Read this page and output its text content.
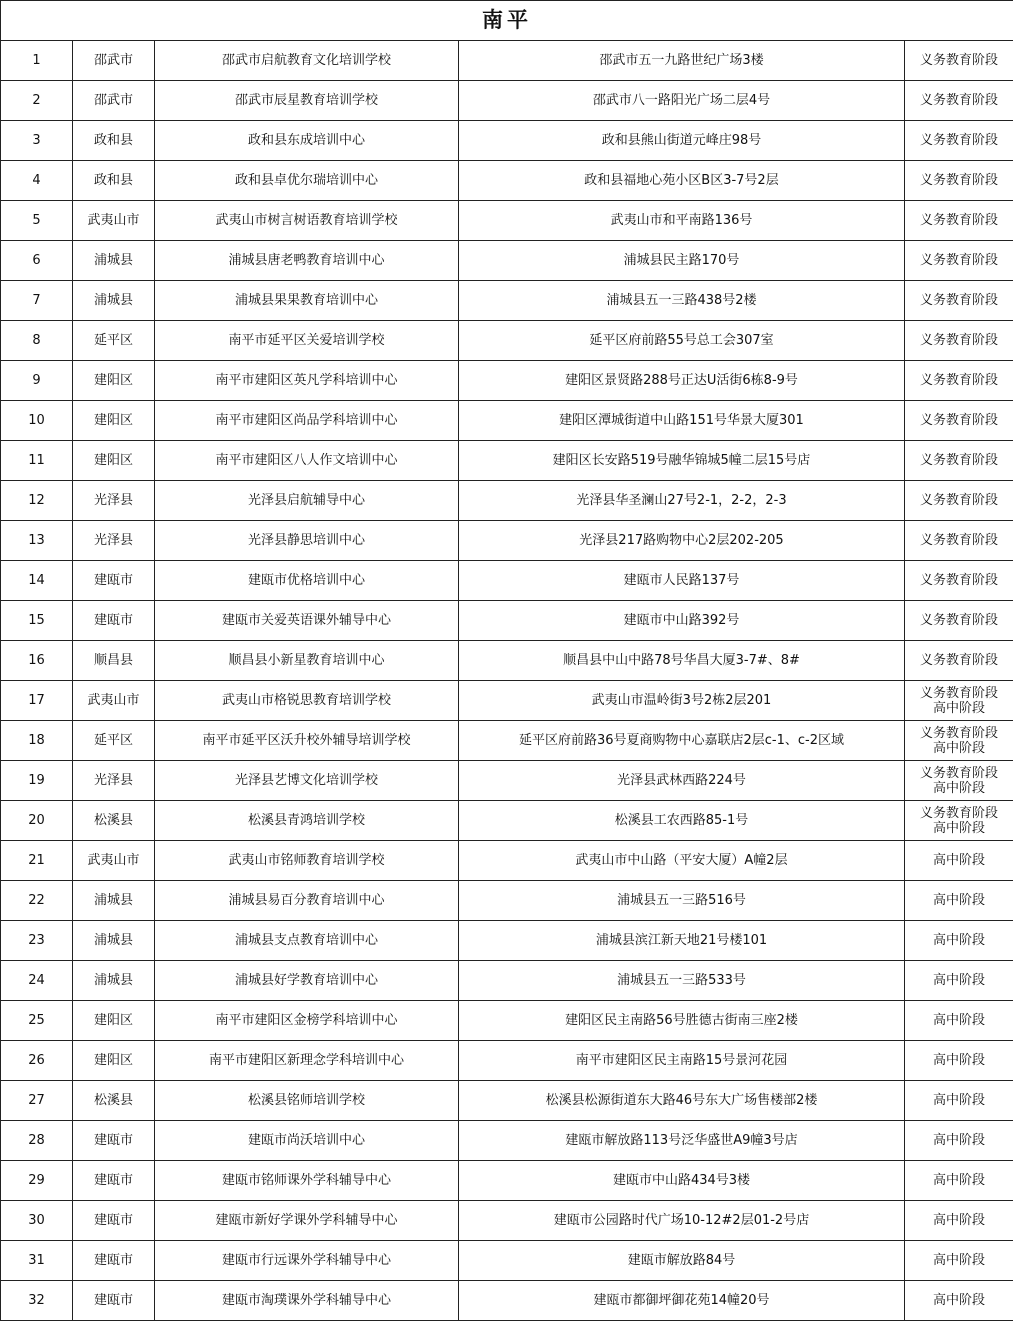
南平				
1	邵武市	邵武市启航教育文化培训学校	邵武市五一九路世纪广场3楼	义务教育阶段

2	邵武市	邵武市辰星教育培训学校	邵武市八一路阳光广场二层4号	义务教育阶段

3	政和县	政和县东成培训中心	政和县熊山街道元峰庄98号	义务教育阶段

4	政和县	政和县卓优尔瑞培训中心	政和县福地心苑小区B区3-7号2层	义务教育阶段

5	武夷山市	武夷山市树言树语教育培训学校	武夷山市和平南路136号	义务教育阶段

6	浦城县	浦城县唐老鸭教育培训中心	浦城县民主路170号	义务教育阶段

7	浦城县	浦城县果果教育培训中心	浦城县五一三路438号2楼	义务教育阶段

8	延平区	南平市延平区关爱培训学校	延平区府前路55号总工会307室	义务教育阶段

9	建阳区	南平市建阳区英凡学科培训中心	建阳区景贤路288号正达U活街6栋8-9号	义务教育阶段

10	建阳区	南平市建阳区尚品学科培训中心	建阳区潭城街道中山路151号华景大厦301	义务教育阶段

11	建阳区	南平市建阳区八人作文培训中心	建阳区长安路519号融华锦城5幢二层15号店	义务教育阶段

12	光泽县	光泽县启航辅导中心	光泽县华圣澜山27号2-1，2-2，2-3	义务教育阶段

13	光泽县	光泽县静思培训中心	光泽县217路购物中心2层202-205	义务教育阶段

14	建瓯市	建瓯市优格培训中心	建瓯市人民路137号	义务教育阶段

15	建瓯市	建瓯市关爱英语课外辅导中心	建瓯市中山路392号	义务教育阶段

16	顺昌县	顺昌县小新星教育培训中心	顺昌县中山中路78号华昌大厦3-7#、8#	义务教育阶段

17	武夷山市	武夷山市格锐思教育培训学校	武夷山市温岭街3号2栋2层201	义务教育阶段
高中阶段

18	延平区	南平市延平区沃升校外辅导培训学校	延平区府前路36号夏商购物中心嘉联店2层c-1、c-2区域	义务教育阶段
高中阶段

19	光泽县	光泽县艺博文化培训学校	光泽县武林西路224号	义务教育阶段
高中阶段

20	松溪县	松溪县青鸿培训学校	松溪县工农西路85-1号	义务教育阶段
高中阶段

21	武夷山市	武夷山市铭师教育培训学校	武夷山市中山路（平安大厦）A幢2层	高中阶段

22	浦城县	浦城县易百分教育培训中心	浦城县五一三路516号	高中阶段

23	浦城县	浦城县支点教育培训中心	浦城县滨江新天地21号楼101	高中阶段

24	浦城县	浦城县好学教育培训中心	浦城县五一三路533号	高中阶段

25	建阳区	南平市建阳区金榜学科培训中心	建阳区民主南路56号胜德古街南三座2楼	高中阶段

26	建阳区	南平市建阳区新理念学科培训中心	南平市建阳区民主南路15号景河花园	高中阶段

27	松溪县	松溪县铭师培训学校	松溪县松源街道东大路46号东大广场售楼部2楼	高中阶段

28	建瓯市	建瓯市尚沃培训中心	建瓯市解放路113号泛华盛世A9幢3号店	高中阶段

29	建瓯市	建瓯市铭师课外学科辅导中心	建瓯市中山路434号3楼	高中阶段

30	建瓯市	建瓯市新好学课外学科辅导中心	建瓯市公园路时代广场10-12#2层01-2号店	高中阶段

31	建瓯市	建瓯市行远课外学科辅导中心	建瓯市解放路84号	高中阶段

32	建瓯市	建瓯市淘璞课外学科辅导中心	建瓯市都御坪御花苑14幢20号	高中阶段
